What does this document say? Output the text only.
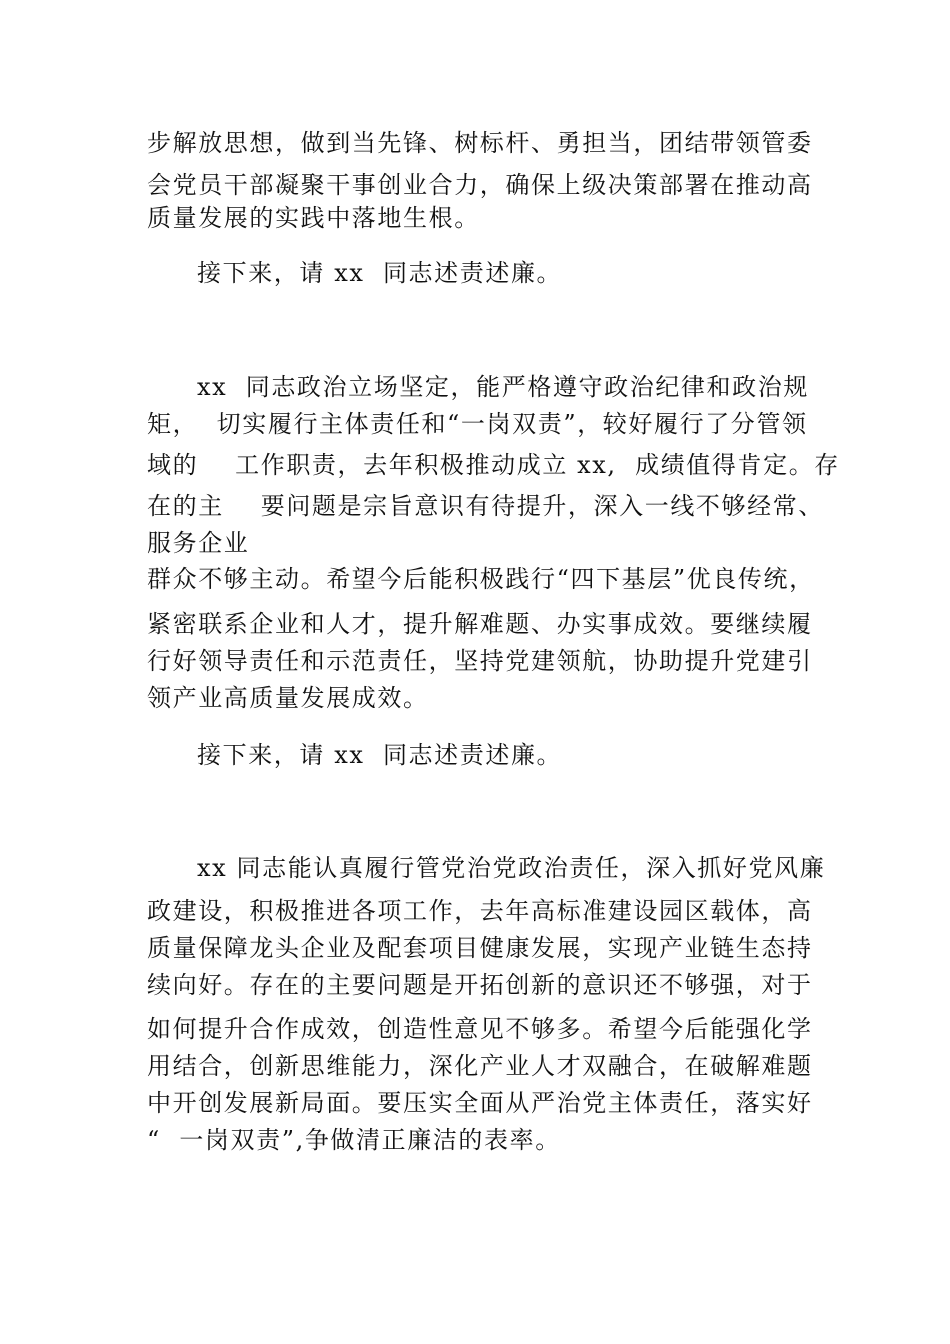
步解放思想，做到当先锋、树标杆、勇担当，团结带领管委
会党员干部凝聚干事创业合力，确保上级决策部署在推动高
质量发展的实践中落地生根。
接下来，请 xx  同志述责述廉。
xx  同志政治立场坚定，能严格遵守政治纪律和政治规
矩，  切实履行主体责任和“一岗双责”，较好履行了分管领
域的    工作职责，去年积极推动成立 xx,  成绩值得肯定。存
在的主    要问题是宗旨意识有待提升，深入一线不够经常、
服务企业
群众不够主动。希望今后能积极践行“四下基层”优良传统，
紧密联系企业和人才，提升解难题、办实事成效。要继续履
行好领导责任和示范责任，坚持党建领航，协助提升党建引
领产业高质量发展成效。
接下来，请 xx  同志述责述廉。
xx 同志能认真履行管党治党政治责任，深入抓好党风廉
政建设，积极推进各项工作，去年高标准建设园区载体，高
质量保障龙头企业及配套项目健康发展，实现产业链生态持
续向好。存在的主要问题是开拓创新的意识还不够强，对于
如何提升合作成效，创造性意见不够多。希望今后能强化学
用结合，创新思维能力，深化产业人才双融合，在破解难题
中开创发展新局面。要压实全面从严治党主体责任，落实好
“  一岗双责”,争做清正廉洁的表率。
